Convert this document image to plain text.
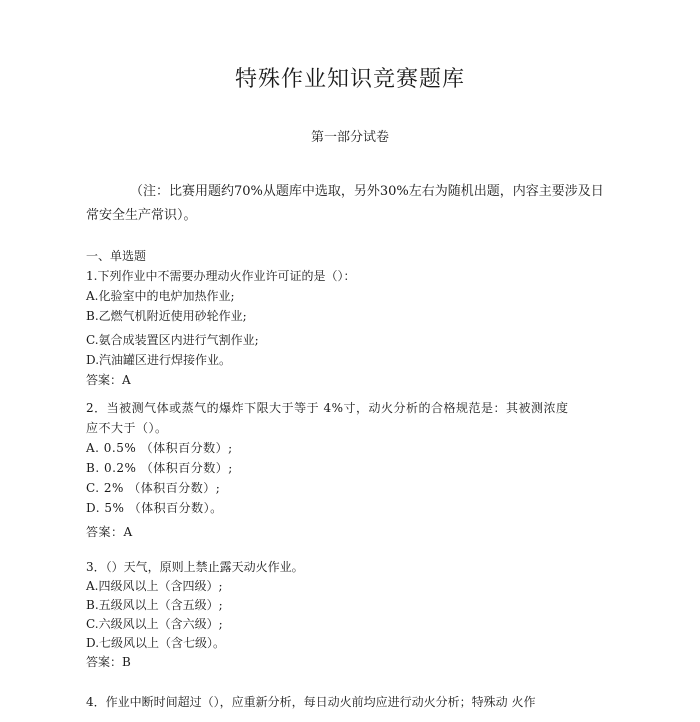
特殊作业知识竞赛题库
第一部分试卷
（注：比赛用题约70%从题库中选取，另外30%左右为随机出题，内容主要涉及日常安全生产常识）。
一、单选题
1.下列作业中不需要办理动火作业许可证的是（）：
A.化验室中的电炉加热作业;
B.乙燃气机附近使用砂轮作业;
C.氨合成装置区内进行气割作业;
D.汽油罐区进行焊接作业。
答案：A
2．当被测气体或蒸气的爆炸下限大于等于 4%寸，动火分析的合格规范是：其被测浓度
应不大于（）。
A. 0.5% （体积百分数）;
B. 0.2% （体积百分数）;
C. 2% （体积百分数）;
D. 5% （体积百分数）。
答案：A
3．（）天气，原则上禁止露天动火作业。
A.四级风以上（含四级）;
B.五级风以上（含五级）;
C.六级风以上（含六级）;
D.七级风以上（含七级）。
答案：B
4．作业中断时间超过（），应重新分析，每日动火前均应进行动火分析；特殊动 火作
